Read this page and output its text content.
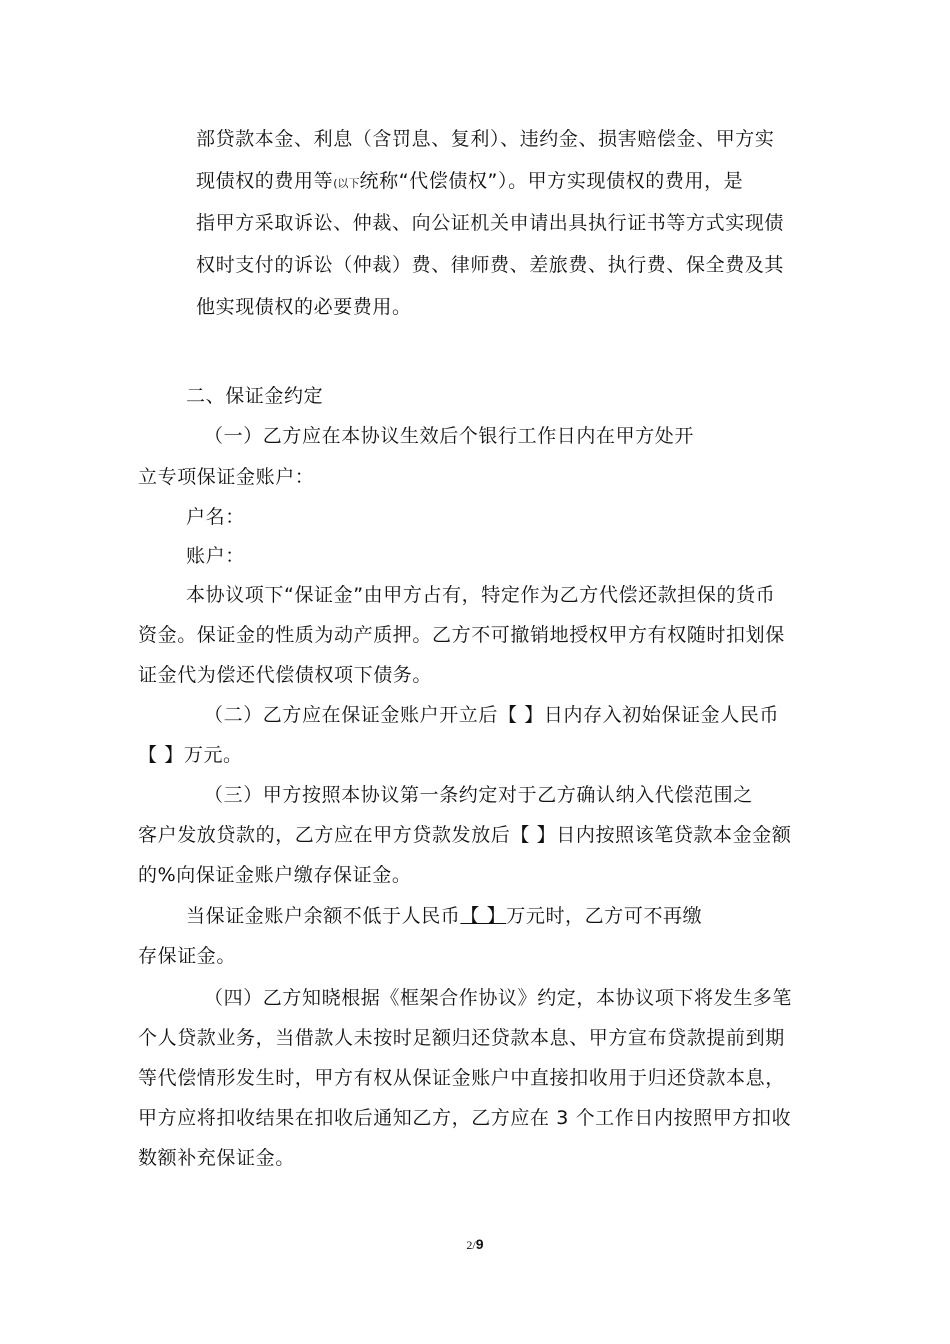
部贷款本金、利息（含罚息、复利）、违约金、损害赔偿金、甲方实
现债权的费用等(以下统称“代偿债权”）。甲方实现债权的费用，是
指甲方采取诉讼、仲裁、向公证机关申请出具执行证书等方式实现债
权时支付的诉讼（仲裁）费、律师费、差旅费、执行费、保全费及其
他实现债权的必要费用。
二、保证金约定
（一）乙方应在本协议生效后个银行工作日内在甲方处开
立专项保证金账户：
户名：
账户：
本协议项下“保证金”由甲方占有，特定作为乙方代偿还款担保的货币
资金。保证金的性质为动产质押。乙方不可撤销地授权甲方有权随时扣划保
证金代为偿还代偿债权项下债务。
（二）乙方应在保证金账户开立后【 】日内存入初始保证金人民币
【 】万元。
（三）甲方按照本协议第一条约定对于乙方确认纳入代偿范围之
客户发放贷款的，乙方应在甲方贷款发放后【 】日内按照该笔贷款本金金额
的%向保证金账户缴存保证金。
当保证金账户余额不低于人民币【 】万元时，乙方可不再缴
存保证金。
（四）乙方知晓根据《框架合作协议》约定，本协议项下将发生多笔
个人贷款业务，当借款人未按时足额归还贷款本息、甲方宣布贷款提前到期
等代偿情形发生时，甲方有权从保证金账户中直接扣收用于归还贷款本息，
甲方应将扣收结果在扣收后通知乙方，乙方应在 3 个工作日内按照甲方扣收
数额补充保证金。
2/9
